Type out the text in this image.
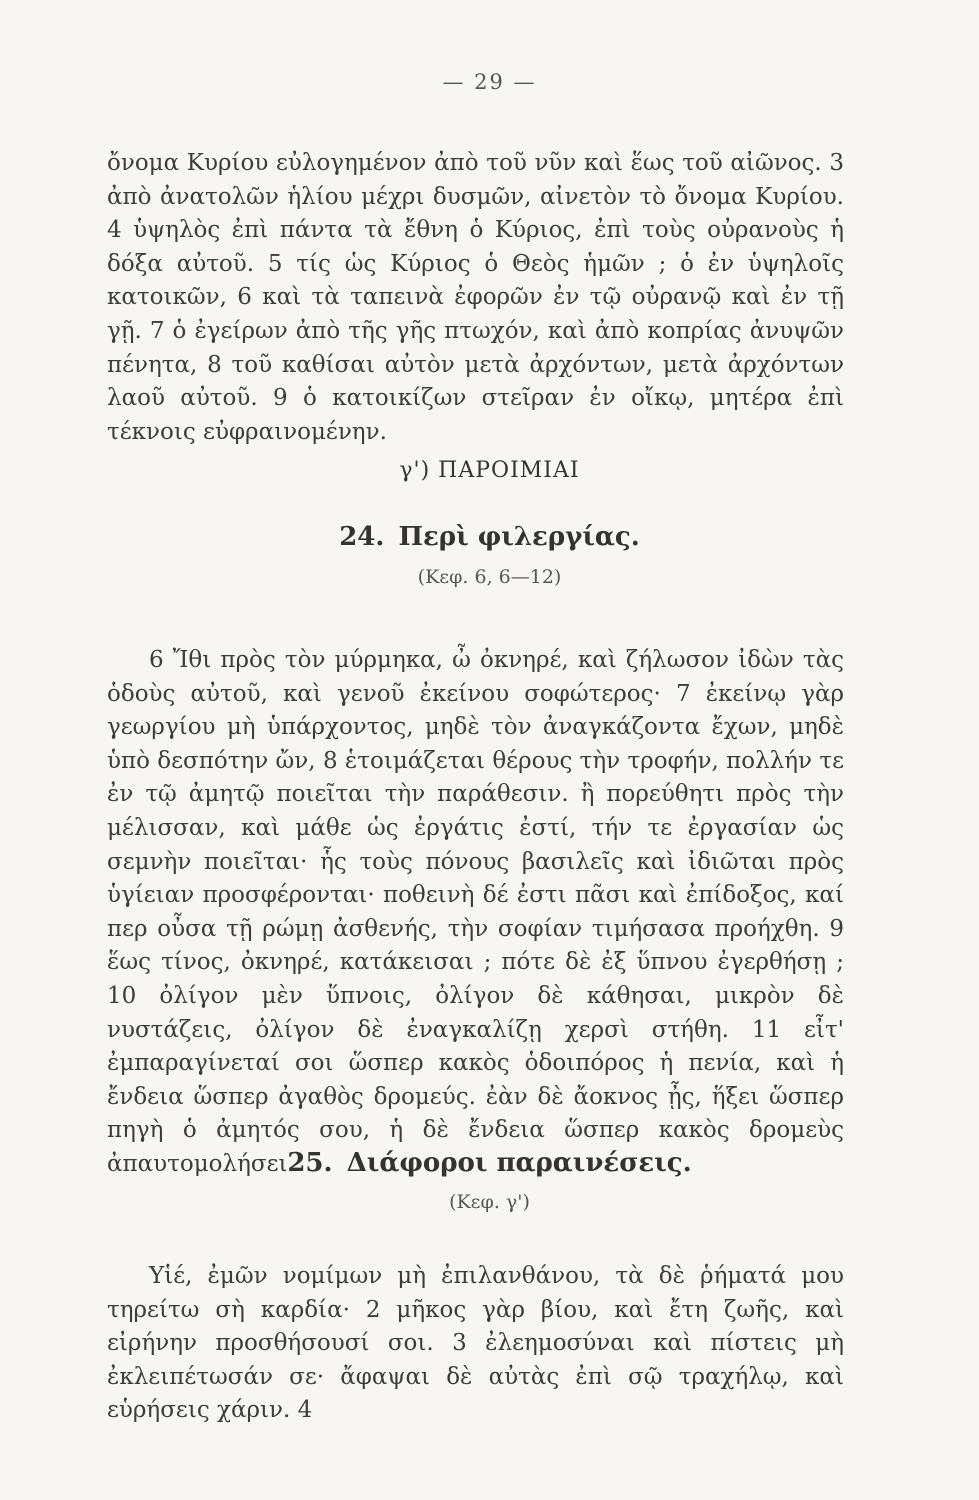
— 29 —

ὄνομα Κυρίου εὐλογημένον ἀπὸ τοῦ νῦν καὶ ἕως τοῦ αἰῶνος. 3 ἀπὸ ἀνατολῶν ἡλίου μέχρι δυσμῶν, αἰνετὸν τὸ ὄνομα Κυρίου. 4 ὑψηλὸς ἐπὶ πάντα τὰ ἔθνη ὁ Κύριος, ἐπὶ τοὺς οὐρανοὺς ἡ δόξα αὐτοῦ. 5 τίς ὡς Κύριος ὁ Θεὸς ἡμῶν ; ὁ ἐν ὑψηλοῖς κατοικῶν, 6 καὶ τὰ ταπεινὰ ἐφορῶν ἐν τῷ οὐρανῷ καὶ ἐν τῇ γῇ. 7 ὁ ἐγείρων ἀπὸ τῆς γῆς πτωχόν, καὶ ἀπὸ κοπρίας ἀνυψῶν πένητα, 8 τοῦ καθίσαι αὐτὸν μετὰ ἀρχόντων, μετὰ ἀρχόντων λαοῦ αὐτοῦ. 9 ὁ κατοικίζων στεῖραν ἐν οἴκῳ, μητέρα ἐπὶ τέκνοις εὐφραινομένην.

γ') ΠΑΡΟΙΜΙΑΙ
24. Περὶ φιλεργίας.
(Κεφ. 6, 6—12)

6 Ἴθι πρὸς τὸν μύρμηκα, ὦ ὀκνηρέ, καὶ ζήλωσον ἰδὼν τὰς ὁδοὺς αὐτοῦ, καὶ γενοῦ ἐκείνου σοφώτερος· 7 ἐκείνῳ γὰρ γεωργίου μὴ ὑπάρχοντος, μηδὲ τὸν ἀναγκάζοντα ἔχων, μηδὲ ὑπὸ δεσπότην ὤν, 8 ἑτοιμάζεται θέρους τὴν τροφήν, πολλήν τε ἐν τῷ ἀμητῷ ποιεῖται τὴν παράθεσιν. ἢ πορεύθητι πρὸς τὴν μέλισσαν, καὶ μάθε ὡς ἐργάτις ἐστί, τήν τε ἐργασίαν ὡς σεμνὴν ποιεῖται· ἧς τοὺς πόνους βασιλεῖς καὶ ἰδιῶται πρὸς ὑγίειαν προσφέρονται· ποθεινὴ δέ ἐστι πᾶσι καὶ ἐπίδοξος, καί περ οὖσα τῇ ρώμῃ ἀσθενής, τὴν σοφίαν τιμήσασα προήχθη. 9 ἕως τίνος, ὀκνηρέ, κατάκεισαι ; πότε δὲ ἐξ ὕπνου ἐγερθήσῃ ; 10 ὀλίγον μὲν ὕπνοις, ὀλίγον δὲ κάθησαι, μικρὸν δὲ νυστάζεις, ὀλίγον δὲ ἐναγκαλίζῃ χερσὶ στήθη. 11 εἶτ' ἐμπαραγίνεταί σοι ὥσπερ κακὸς ὁδοιπόρος ἡ πενία, καὶ ἡ ἔνδεια ὥσπερ ἀγαθὸς δρομεύς. ἐὰν δὲ ἄοκνος ᾖς, ἥξει ὥσπερ πηγὴ ὁ ἀμητός σου, ἡ δὲ ἔνδεια ὥσπερ κακὸς δρομεὺς ἀπαυτομολήσει.

25. Διάφοροι παραινέσεις.
(Κεφ. γ')

Υἱέ, ἐμῶν νομίμων μὴ ἐπιλανθάνου, τὰ δὲ ῥήματά μου τηρείτω σὴ καρδία· 2 μῆκος γὰρ βίου, καὶ ἔτη ζωῆς, καὶ εἰρήνην προσθήσουσί σοι. 3 ἐλεημοσύναι καὶ πίστεις μὴ ἐκλειπέτωσάν σε· ἄφαψαι δὲ αὐτὰς ἐπὶ σῷ τραχήλῳ, καὶ εὑρήσεις χάριν. 4
